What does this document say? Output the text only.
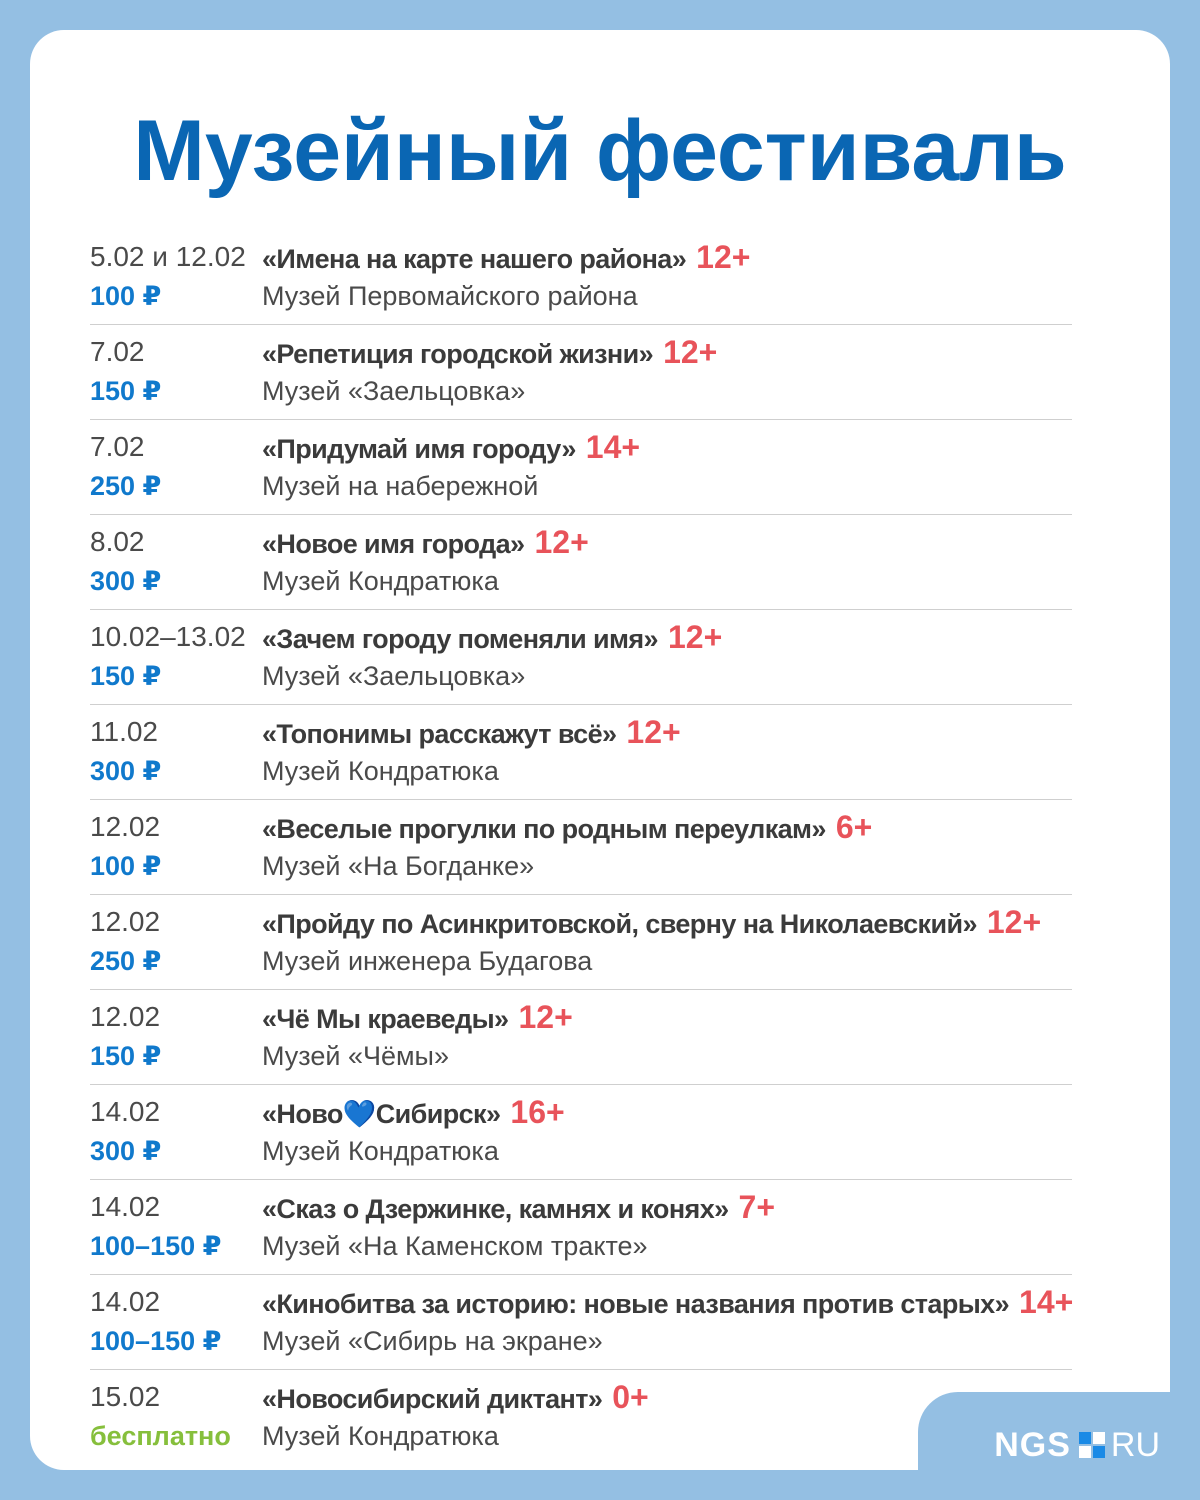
Музейный фестиваль
5.02 и 12.02
100 ₽
«Имена на карте нашего района» 12+
Музей Первомайского района
7.02
150 ₽
«Репетиция городской жизни» 12+
Музей «Заельцовка»
7.02
250 ₽
«Придумай имя городу» 14+
Музей на набережной
8.02
300 ₽
«Новое имя города» 12+
Музей Кондратюка
10.02–13.02
150 ₽
«Зачем городу поменяли имя» 12+
Музей «Заельцовка»
11.02
300 ₽
«Топонимы расскажут всё» 12+
Музей Кондратюка
12.02
100 ₽
«Веселые прогулки по родным переулкам» 6+
Музей «На Богданке»
12.02
250 ₽
«Пройду по Асинкритовской, сверну на Николаевский» 12+
Музей инженера Будагова
12.02
150 ₽
«Чё Мы краеведы» 12+
Музей «Чёмы»
14.02
300 ₽
«Ново💙Сибирск» 16+
Музей Кондратюка
14.02
100–150 ₽
«Сказ о Дзержинке, камнях и конях» 7+
Музей «На Каменском тракте»
14.02
100–150 ₽
«Кинобитва за историю: новые названия против старых» 14+
Музей «Сибирь на экране»
15.02
бесплатно
«Новосибирский диктант» 0+
Музей Кондратюка	NGS RU
